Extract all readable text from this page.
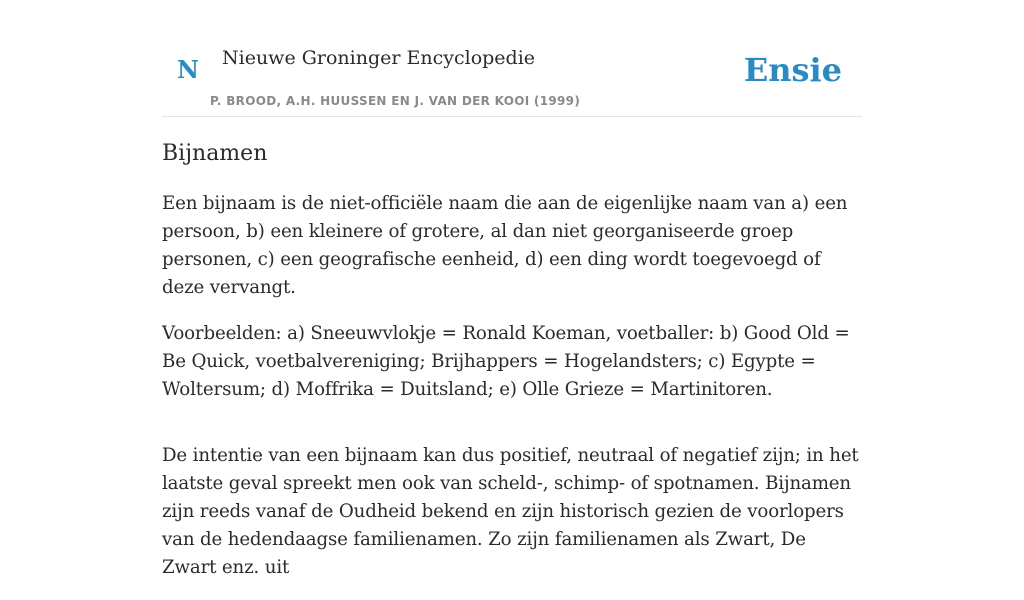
N Nieuwe Groninger Encyclopedie
P. BROOD, A.H. HUUSSEN EN J. VAN DER KOOI (1999)
Ensie
Bijnamen

Een bijnaam is de niet-officiële naam die aan de eigenlijke naam van a) een persoon, b) een kleinere of grotere, al dan niet georganiseerde groep personen, c) een geografische eenheid, d) een ding wordt toegevoegd of deze vervangt.

Voorbeelden: a) Sneeuwvlokje = Ronald Koeman, voetballer: b) Good Old = Be Quick, voetbalvereniging; Brijhappers = Hogelandsters; c) Egypte = Woltersum; d) Moffrika = Duitsland; e) Olle Grieze = Martinitoren.

De intentie van een bijnaam kan dus positief, neutraal of negatief zijn; in het laatste geval spreekt men ook van scheld-, schimp- of spotnamen. Bijnamen zijn reeds vanaf de Oudheid bekend en zijn historisch gezien de voorlopers van de hedendaagse familienamen. Zo zijn familienamen als Zwart, De Zwart enz. uit
